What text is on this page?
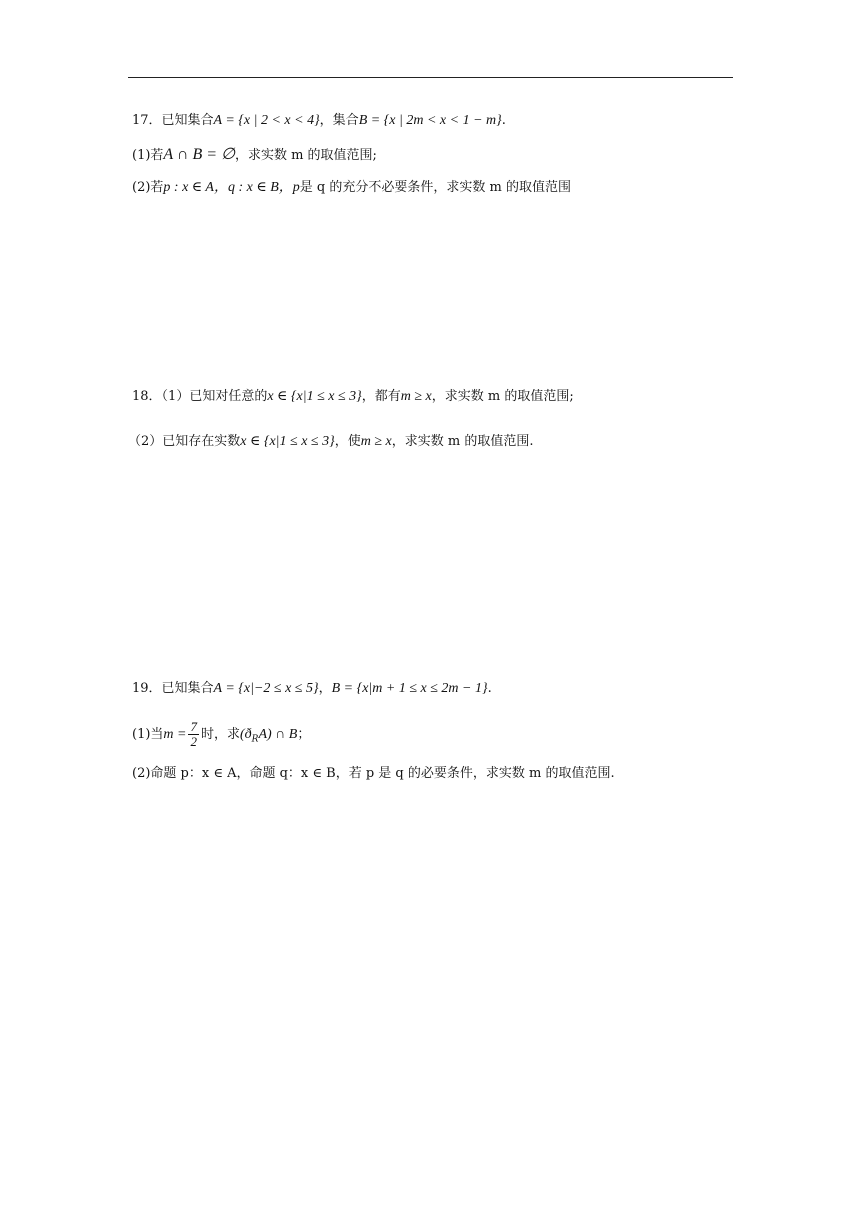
17．已知集合A = {x | 2 < x < 4}，集合B = {x | 2m < x < 1 − m}.
(1)若A ∩ B = ∅，求实数 m 的取值范围;
(2)若p : x ∈ A，q : x ∈ B，p是 q 的充分不必要条件，求实数 m 的取值范围
18．（1）已知对任意的x ∈ {x|1 ≤ x ≤ 3}，都有m ≥ x，求实数 m 的取值范围;
（2）已知存在实数x ∈ {x|1 ≤ x ≤ 3}，使m ≥ x，求实数 m 的取值范围.
19．已知集合A = {x|−2 ≤ x ≤ 5}，B = {x|m + 1 ≤ x ≤ 2m − 1}.
(1)当$m = \frac{7}{2}$ 时，求$(ð_RA)$ ∩ B；
(2)命题 p：x ∈ A，命题 q：x ∈ B，若 p 是 q 的必要条件，求实数 m 的取值范围.
